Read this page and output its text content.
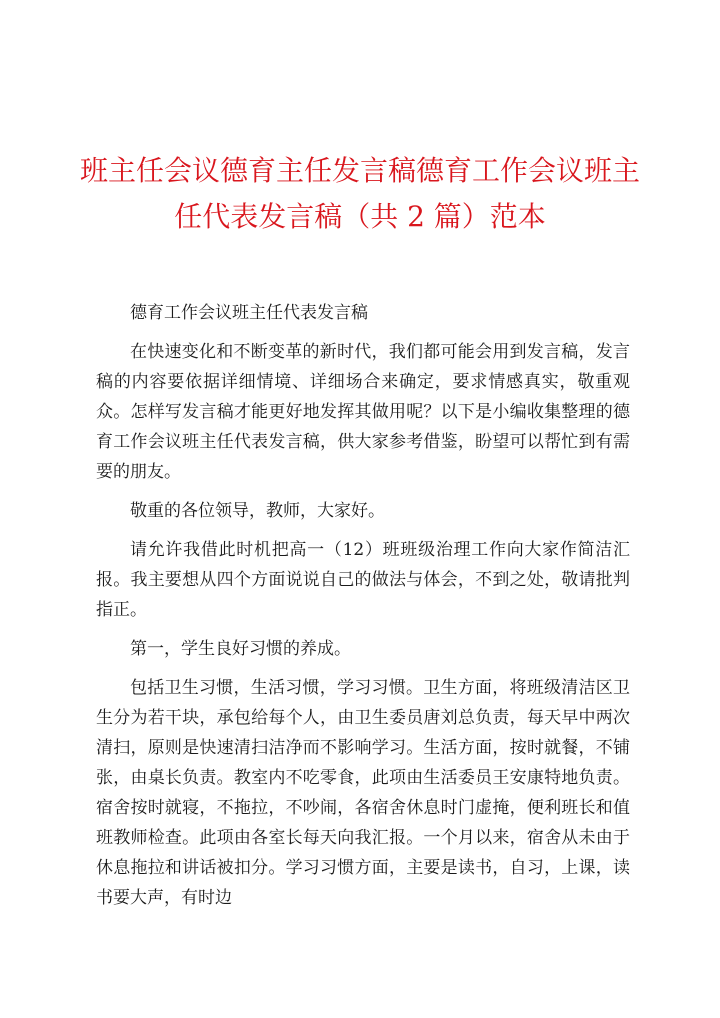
班主任会议德育主任发言稿德育工作会议班主
任代表发言稿（共 2 篇）范本

德育工作会议班主任代表发言稿

在快速变化和不断变革的新时代，我们都可能会用到发言稿，发言稿的内容要依据详细情境、详细场合来确定，要求情感真实，敬重观众。怎样写发言稿才能更好地发挥其做用呢？以下是小编收集整理的德育工作会议班主任代表发言稿，供大家参考借鉴，盼望可以帮忙到有需要的朋友。

敬重的各位领导，教师，大家好。

请允许我借此时机把高一（12）班班级治理工作向大家作简洁汇报。我主要想从四个方面说说自己的做法与体会，不到之处，敬请批判指正。

第一，学生良好习惯的养成。

包括卫生习惯，生活习惯，学习习惯。卫生方面，将班级清洁区卫生分为若干块，承包给每个人，由卫生委员唐刘总负责，每天早中两次清扫，原则是快速清扫洁净而不影响学习。生活方面，按时就餐，不铺张，由桌长负责。教室内不吃零食，此项由生活委员王安康特地负责。宿舍按时就寝，不拖拉，不吵闹，各宿舍休息时门虚掩，便利班长和值班教师检查。此项由各室长每天向我汇报。一个月以来，宿舍从未由于休息拖拉和讲话被扣分。学习习惯方面，主要是读书，自习，上课，读书要大声，有时边
